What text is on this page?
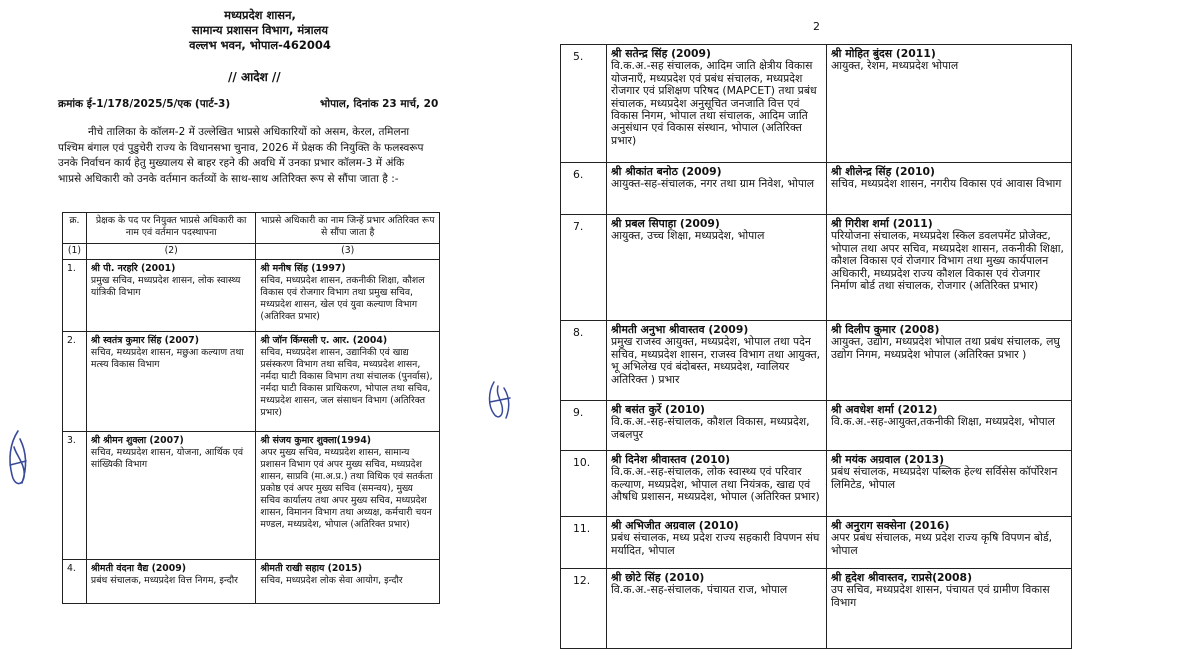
मध्यप्रदेश शासन,
सामान्य प्रशासन विभाग, मंत्रालय
वल्लभ भवन, भोपाल-462004
// आदेश //
क्रमांक ई-1/178/2025/5/एक (पार्ट-3)	भोपाल, दिनांक 23 मार्च, 20
नीचे तालिका के कॉलम-2 में उल्लेखित भाप्रसे अधिकारियों को असम, केरल, तमिलना
पश्चिम बंगाल एवं पुडुचेरी राज्य के विधानसभा चुनाव, 2026 में प्रेक्षक की नियुक्ति के फलस्वरूप
उनके निर्वाचन कार्य हेतु मुख्यालय से बाहर रहने की अवधि में उनका प्रभार कॉलम-3 में अंकि
भाप्रसे अधिकारी को उनके वर्तमान कर्तव्यों के साथ-साथ अतिरिक्त रूप से सौंपा जाता है :-
क्र.	प्रेक्षक के पद पर नियुक्त भाप्रसे अधिकारी का नाम एवं वर्तमान पदस्थापना	भाप्रसे अधिकारी का नाम जिन्हें प्रभार अतिरिक्त रूप से सौंपा जाता है
(1)	(2)	(3)
1.	श्री पी. नरहरि (2001)
प्रमुख सचिव, मध्यप्रदेश शासन, लोक स्वास्थ्य यांत्रिकी विभाग	श्री मनीष सिंह (1997)
सचिव, मध्यप्रदेश शासन, तकनीकी शिक्षा, कौशल विकास एवं रोजगार विभाग तथा प्रमुख सचिव, मध्यप्रदेश शासन, खेल एवं युवा कल्याण विभाग (अतिरिक्त प्रभार)
2.	श्री स्वतंत्र कुमार सिंह (2007)
सचिव, मध्यप्रदेश शासन, मछुआ कल्याण तथा मत्स्य विकास विभाग	श्री जॉन किंग्सली ए. आर. (2004)
सचिव, मध्यप्रदेश शासन, उद्यानिकी एवं खाद्य प्रसंस्करण विभाग तथा सचिव, मध्यप्रदेश शासन, नर्मदा घाटी विकास विभाग तथा संचालक (पुनर्वास), नर्मदा घाटी विकास प्राधिकरण, भोपाल तथा सचिव, मध्यप्रदेश शासन, जल संसाधन विभाग (अतिरिक्त प्रभार)
3.	श्री श्रीमन शुक्ला (2007)
सचिव, मध्यप्रदेश शासन, योजना, आर्थिक एवं सांख्यिकी विभाग	श्री संजय कुमार शुक्ला(1994)
अपर मुख्य सचिव, मध्यप्रदेश शासन, सामान्य प्रशासन विभाग एवं अपर मुख्य सचिव, मध्यप्रदेश शासन, साप्रवि (मा.अ.प्र.) तथा विधिक एवं सतर्कता प्रकोष्ठ एवं अपर मुख्य सचिव (समन्वय), मुख्य सचिव कार्यालय तथा अपर मुख्य सचिव, मध्यप्रदेश शासन, विमानन विभाग तथा अध्यक्ष, कर्मचारी चयन मण्डल, मध्यप्रदेश, भोपाल (अतिरिक्त प्रभार)
4.	श्रीमती वंदना वैद्य (2009)
प्रबंध संचालक, मध्यप्रदेश वित्त निगम, इन्दौर	श्रीमती राखी सहाय (2015)
सचिव, मध्यप्रदेश लोक सेवा आयोग, इन्दौर
2
5.	श्री सतेन्द्र सिंह (2009)
वि.क.अ.-सह संचालक, आदिम जाति क्षेत्रीय विकास योजनाएँ, मध्यप्रदेश एवं प्रबंध संचालक, मध्यप्रदेश रोजगार एवं प्रशिक्षण परिषद (MAPCET) तथा प्रबंध संचालक, मध्यप्रदेश अनुसूचित जनजाति वित्त एवं विकास निगम, भोपाल तथा संचालक, आदिम जाति अनुसंधान एवं विकास संस्थान, भोपाल (अतिरिक्त प्रभार)	श्री मोहित बुंदस (2011)
आयुक्त, रेशम, मध्यप्रदेश भोपाल
6.	श्री श्रीकांत बनोठ (2009)
आयुक्त-सह-संचालक, नगर तथा ग्राम निवेश, भोपाल	श्री शीलेन्द्र सिंह (2010)
सचिव, मध्यप्रदेश शासन, नगरीय विकास एवं आवास विभाग
7.	श्री प्रबल सिपाहा (2009)
आयुक्त, उच्च शिक्षा, मध्यप्रदेश, भोपाल	श्री गिरीश शर्मा (2011)
परियोजना संचालक, मध्यप्रदेश स्किल डवलपमेंट प्रोजेक्ट, भोपाल तथा अपर सचिव, मध्यप्रदेश शासन, तकनीकी शिक्षा, कौशल विकास एवं रोजगार विभाग तथा मुख्य कार्यपालन अधिकारी, मध्यप्रदेश राज्य कौशल विकास एवं रोजगार निर्माण बोर्ड तथा संचालक, रोजगार (अतिरिक्त प्रभार)
8.	श्रीमती अनुभा श्रीवास्तव (2009)
प्रमुख राजस्व आयुक्त, मध्यप्रदेश, भोपाल तथा पदेन सचिव, मध्यप्रदेश शासन, राजस्व विभाग तथा आयुक्त, भू अभिलेख एवं बंदोबस्त, मध्यप्रदेश, ग्वालियर अतिरिक्त ) प्रभार	श्री दिलीप कुमार (2008)
आयुक्त, उद्योग, मध्यप्रदेश भोपाल तथा प्रबंध संचालक, लघु उद्योग निगम, मध्यप्रदेश भोपाल (अतिरिक्त प्रभार )
9.	श्री बसंत कुर्रे (2010)
वि.क.अ.-सह-संचालक, कौशल विकास, मध्यप्रदेश, जबलपुर	श्री अवधेश शर्मा (2012)
वि.क.अ.-सह-आयुक्त,तकनीकी शिक्षा, मध्यप्रदेश, भोपाल
10.	श्री दिनेश श्रीवास्तव (2010)
वि.क.अ.-सह-संचालक, लोक स्वास्थ्य एवं परिवार कल्याण, मध्यप्रदेश, भोपाल तथा नियंत्रक, खाद्य एवं औषधि प्रशासन, मध्यप्रदेश, भोपाल (अतिरिक्त प्रभार)	श्री मयंक अग्रवाल (2013)
प्रबंध संचालक, मध्यप्रदेश पब्लिक हेल्थ सर्विसेस कॉर्पोरेशन लिमिटेड, भोपाल
11.	श्री अभिजीत अग्रवाल (2010)
प्रबंध संचालक, मध्य प्रदेश राज्य सहकारी विपणन संघ मर्यादित, भोपाल	श्री अनुराग सक्सेना (2016)
अपर प्रबंध संचालक, मध्य प्रदेश राज्य कृषि विपणन बोर्ड, भोपाल
12.	श्री छोटे सिंह (2010)
वि.क.अ.-सह-संचालक, पंचायत राज, भोपाल	श्री हृदेश श्रीवास्तव, राप्रसे(2008)
उप सचिव, मध्यप्रदेश शासन, पंचायत एवं ग्रामीण विकास विभाग
